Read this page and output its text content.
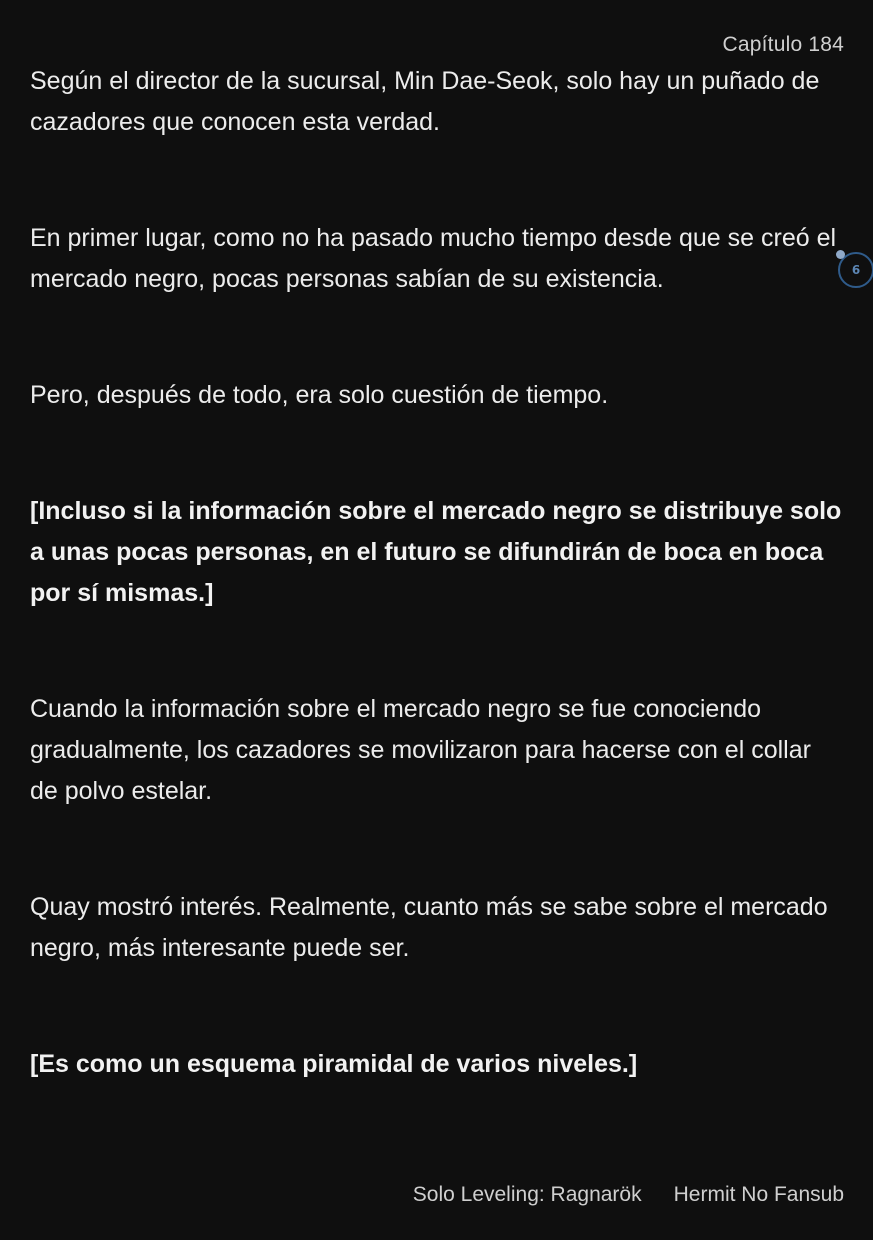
Capítulo 184

Según el director de la sucursal, Min Dae-Seok, solo hay un puñado de cazadores que conocen esta verdad.

En primer lugar, como no ha pasado mucho tiempo desde que se creó el mercado negro, pocas personas sabían de su existencia.

Pero, después de todo, era solo cuestión de tiempo.

[Incluso si la información sobre el mercado negro se distribuye solo a unas pocas personas, en el futuro se difundirán de boca en boca por sí mismas.]

Cuando la información sobre el mercado negro se fue conociendo gradualmente, los cazadores se movilizaron para hacerse con el collar de polvo estelar.

Quay mostró interés. Realmente, cuanto más se sabe sobre el mercado negro, más interesante puede ser.

[Es como un esquema piramidal de varios niveles.]

6
Solo Leveling: Ragnarök Hermit No Fansub
